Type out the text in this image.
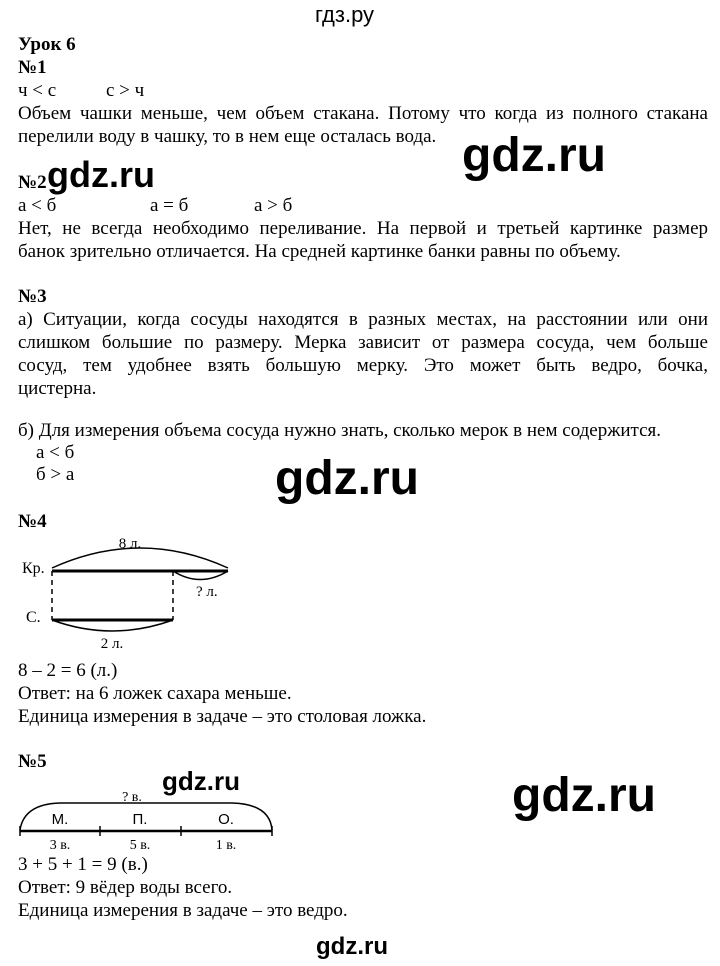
гдз.ру
Урок 6
№1
ч < с	с > ч
Объем чашки меньше, чем объем стакана. Потому что когда из полного стакана
перелили воду в чашку, то в нем еще осталась вода. gdz.ru
№2 gdz.ru
а < б	а = б	а > б
Нет, не всегда необходимо переливание. На первой и третьей картинке размер
банок зрительно отличается. На средней картинке банки равны по объему.
№3
а) Ситуации, когда сосуды находятся в разных местах, на расстоянии или они
слишком большие по размеру. Мерка зависит от размера сосуда, чем больше
сосуд, тем удобнее взять большую мерку. Это может быть ведро, бочка,
цистерна.
б) Для измерения объема сосуда нужно знать, сколько мерок в нем содержится.
а < б
б > а	gdz.ru
№4
8 л.
Кр.
С.
? л.
2 л.
8 – 2 = 6 (л.)
Ответ: на 6 ложек сахара меньше.
Единица измерения в задаче – это столовая ложка.
№5
gdz.ru	gdz.ru
? в.
М.	П.	О.
3 в.	5 в.	1 в.
3 + 5 + 1 = 9 (в.)
Ответ: 9 вёдер воды всего.
Единица измерения в задаче – это ведро.
gdz.ru
